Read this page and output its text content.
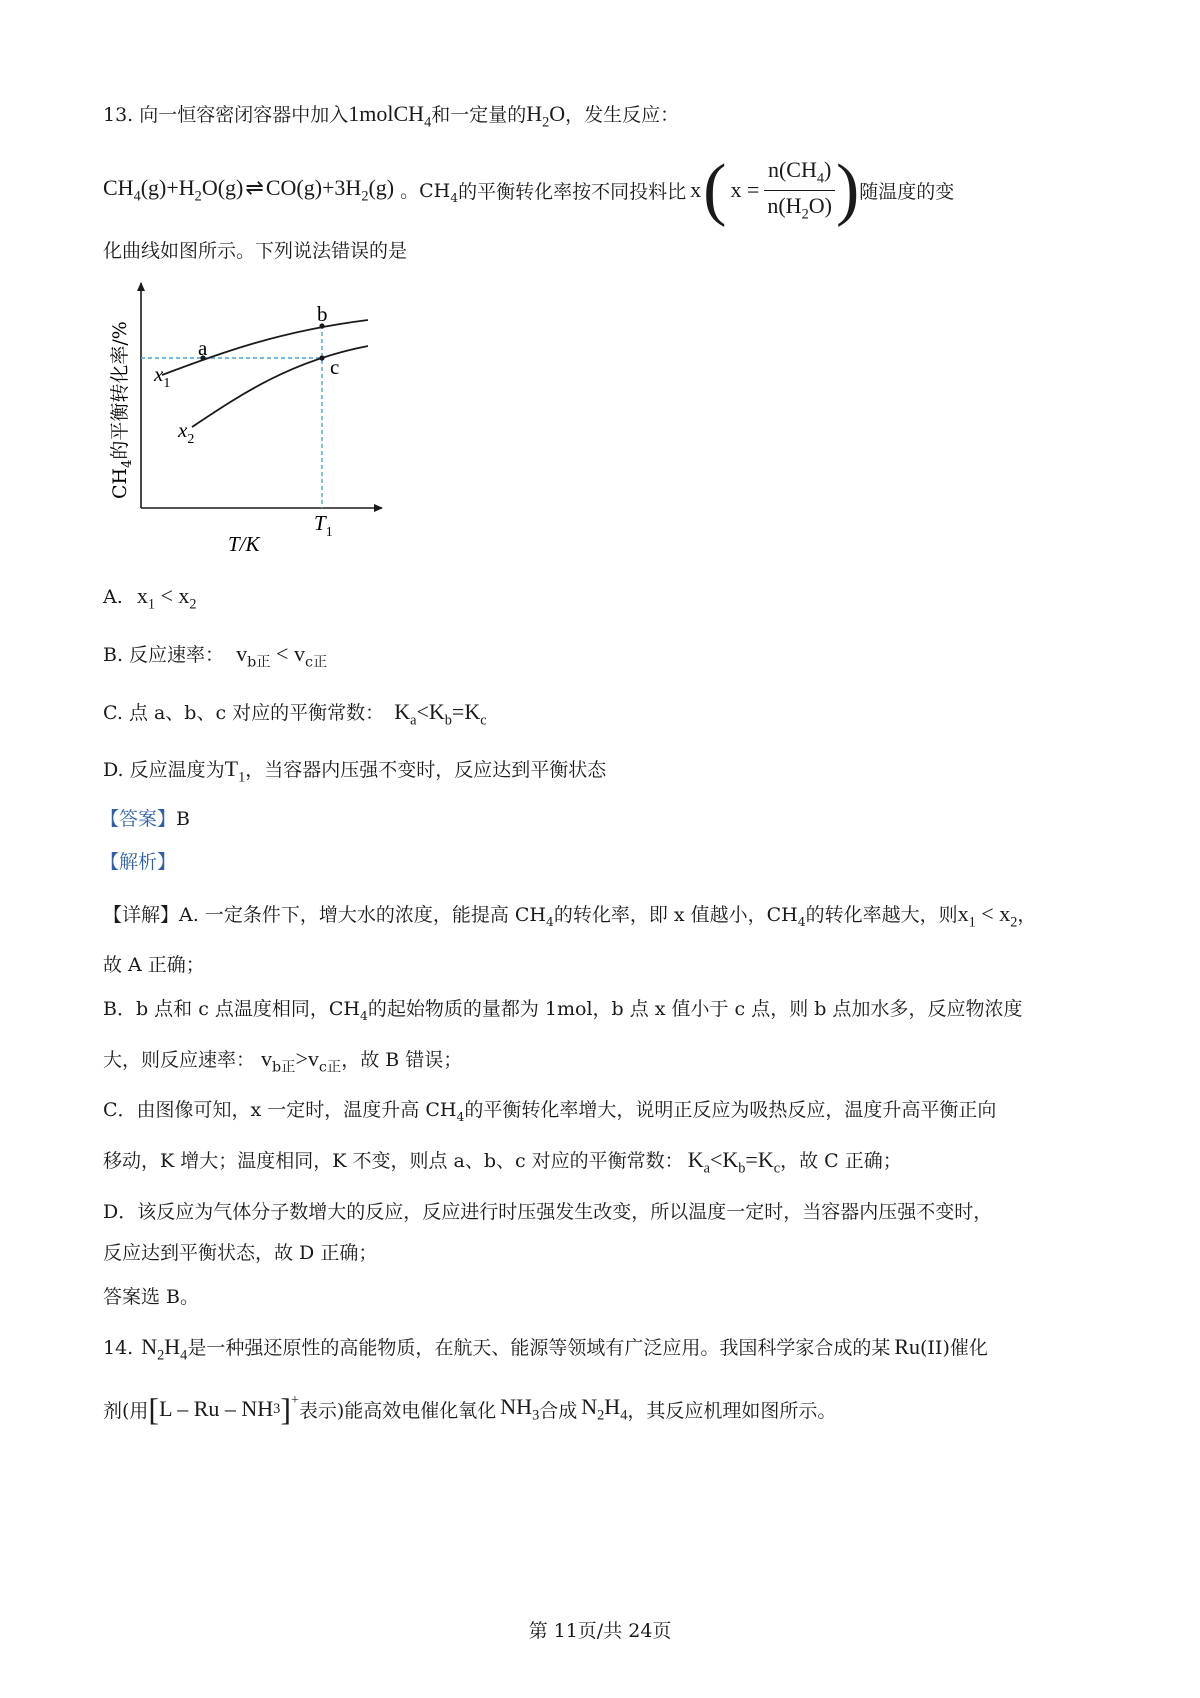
13. 向一恒容密闭容器中加入1molCH$_4$和一定量的$H_2O$，发生反应：
$CH_4(g)+H_2O(g)\rightleftharpoons CO(g)+3H_2(g)$ 。$CH_4$ 的平衡转化率按不同投料比 x ( $x = \frac{n(CH_4)}{n(H_2O)}$ ) 随温度的变
化曲线如图所示。下列说法错误的是
a
b
c
$x_1$
$x_2$
$T_1$
T/K
$CH_4$的平衡转化率/%
A. $x_1 < x_2$
B. 反应速率： $v_{b正} < v_{c正}$
C. 点 a、b、c 对应的平衡常数： $K_a<K_b=K_c$
D. 反应温度为$T_1$，当容器内压强不变时，反应达到平衡状态
【答案】B
【解析】
【详解】A. 一定条件下，增大水的浓度，能提高 $CH_4$的转化率，即 x 值越小，$CH_4$的转化率越大，则$x_1 < x_2$，
故 A 正确；
B．b 点和 c 点温度相同，$CH_4$的起始物质的量都为 1mol，b 点 x 值小于 c 点，则 b 点加水多，反应物浓度
大，则反应速率： $v_{b正}>v_{c正}$，故 B 错误；
C．由图像可知，x 一定时，温度升高 $CH_4$的平衡转化率增大，说明正反应为吸热反应，温度升高平衡正向
移动，K 增大；温度相同，K 不变，则点 a、b、c 对应的平衡常数： $K_a<K_b=K_c$，故 C 正确；
D．该反应为气体分子数增大的反应，反应进行时压强发生改变，所以温度一定时，当容器内压强不变时，
反应达到平衡状态，故 D 正确；
答案选 B。
14. $N_2H_4$是一种强还原性的高能物质，在航天、能源等领域有广泛应用。我国科学家合成的某 Ru(II)催化
剂(用 [ L – Ru – NH 3 ]+ 表示)能高效电催化氧化 $NH_3$ 合成 $N_2H_4$ ，其反应机理如图所示。
第 11页/共 24页
